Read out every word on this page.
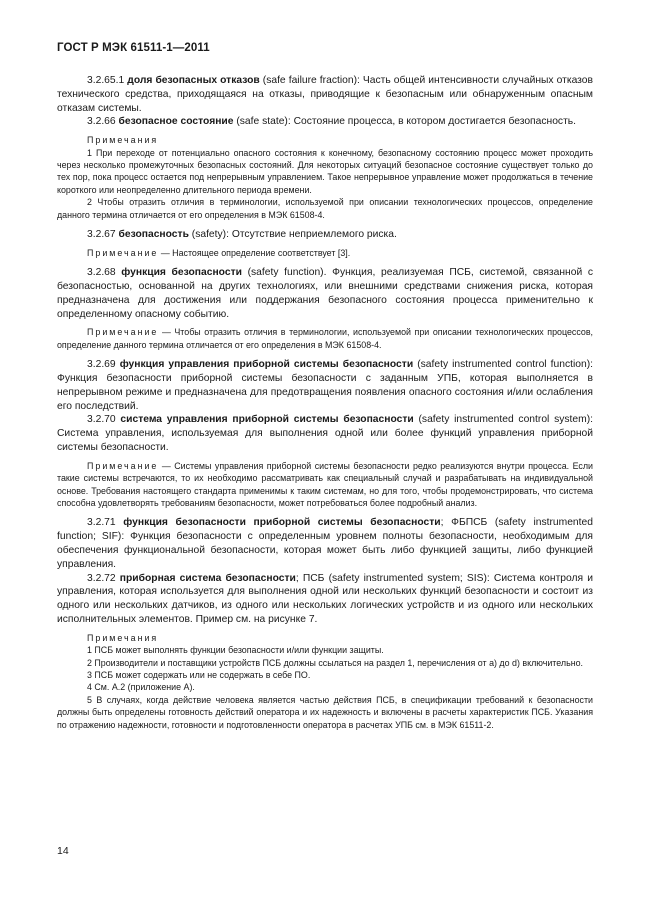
ГОСТ Р МЭК 61511-1—2011

3.2.65.1 доля безопасных отказов (safe failure fraction): Часть общей интенсивности случайных отказов технического средства, приходящаяся на отказы, приводящие к безопасным или обнаруженным опасным отказам системы.

3.2.66 безопасное состояние (safe state): Состояние процесса, в котором достигается безопасность.

Примечания

1 При переходе от потенциально опасного состояния к конечному, безопасному состоянию процесс может проходить через несколько промежуточных безопасных состояний. Для некоторых ситуаций безопасное состояние существует только до тех пор, пока процесс остается под непрерывным управлением. Такое непрерывное управление может продолжаться в течение короткого или неопределенно длительного периода времени.

2 Чтобы отразить отличия в терминологии, используемой при описании технологических процессов, определение данного термина отличается от его определения в МЭК 61508-4.

3.2.67 безопасность (safety): Отсутствие неприемлемого риска.

Примечание — Настоящее определение соответствует [3].

3.2.68 функция безопасности (safety function). Функция, реализуемая ПСБ, системой, связанной с безопасностью, основанной на других технологиях, или внешними средствами снижения риска, которая предназначена для достижения или поддержания безопасного состояния процесса применительно к определенному опасному событию.

Примечание — Чтобы отразить отличия в терминологии, используемой при описании технологических процессов, определение данного термина отличается от его определения в МЭК 61508-4.

3.2.69 функция управления приборной системы безопасности (safety instrumented control function): Функция безопасности приборной системы безопасности с заданным УПБ, которая выполняется в непрерывном режиме и предназначена для предотвращения появления опасного состояния и/или ослабления его последствий.

3.2.70 система управления приборной системы безопасности (safety instrumented control system): Система управления, используемая для выполнения одной или более функций управления приборной системы безопасности.

Примечание — Системы управления приборной системы безопасности редко реализуются внутри процесса. Если такие системы встречаются, то их необходимо рассматривать как специальный случай и разрабатывать на индивидуальной основе. Требования настоящего стандарта применимы к таким системам, но для того, чтобы продемонстрировать, что система способна удовлетворять требованиям безопасности, может потребоваться более подробный анализ.

3.2.71 функция безопасности приборной системы безопасности; ФБПСБ (safety instrumented function; SIF): Функция безопасности с определенным уровнем полноты безопасности, необходимым для обеспечения функциональной безопасности, которая может быть либо функцией защиты, либо функцией управления.

3.2.72 приборная система безопасности; ПСБ (safety instrumented system; SIS): Система контроля и управления, которая используется для выполнения одной или нескольких функций безопасности и состоит из одного или нескольких датчиков, из одного или нескольких логических устройств и из одного или нескольких исполнительных элементов. Пример см. на рисунке 7.

Примечания

1 ПСБ может выполнять функции безопасности и/или функции защиты.

2 Производители и поставщики устройств ПСБ должны ссылаться на раздел 1, перечисления от а) до d) включительно.

3 ПСБ может содержать или не содержать в себе ПО.

4 См. А.2 (приложение А).

5 В случаях, когда действие человека является частью действия ПСБ, в спецификации требований к безопасности должны быть определены готовность действий оператора и их надежность и включены в расчеты характеристик ПСБ. Указания по отражению надежности, готовности и подготовленности оператора в расчетах УПБ см. в МЭК 61511-2.

14
